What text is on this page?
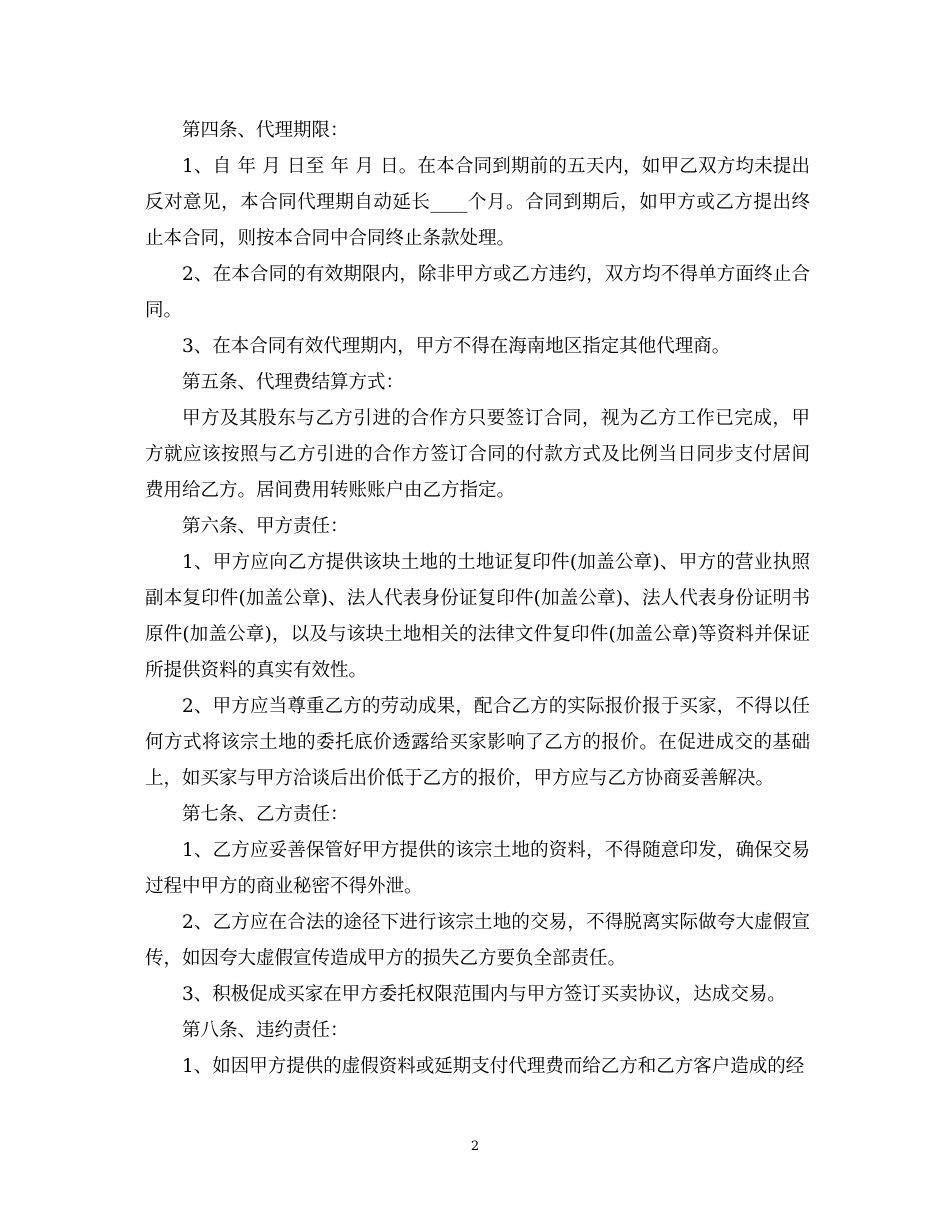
第四条、代理期限：

1、自 年 月 日至 年 月 日。在本合同到期前的五天内，如甲乙双方均未提出反对意见，本合同代理期自动延长____个月。合同到期后，如甲方或乙方提出终止本合同，则按本合同中合同终止条款处理。

2、在本合同的有效期限内，除非甲方或乙方违约，双方均不得单方面终止合同。

3、在本合同有效代理期内，甲方不得在海南地区指定其他代理商。

第五条、代理费结算方式：

甲方及其股东与乙方引进的合作方只要签订合同，视为乙方工作已完成，甲方就应该按照与乙方引进的合作方签订合同的付款方式及比例当日同步支付居间费用给乙方。居间费用转账账户由乙方指定。

第六条、甲方责任：

1、甲方应向乙方提供该块土地的土地证复印件(加盖公章)、甲方的营业执照副本复印件(加盖公章)、法人代表身份证复印件(加盖公章)、法人代表身份证明书原件(加盖公章)，以及与该块土地相关的法律文件复印件(加盖公章)等资料并保证所提供资料的真实有效性。

2、甲方应当尊重乙方的劳动成果，配合乙方的实际报价报于买家，不得以任何方式将该宗土地的委托底价透露给买家影响了乙方的报价。在促进成交的基础上，如买家与甲方洽谈后出价低于乙方的报价，甲方应与乙方协商妥善解决。

第七条、乙方责任：

1、乙方应妥善保管好甲方提供的该宗土地的资料，不得随意印发，确保交易过程中甲方的商业秘密不得外泄。

2、乙方应在合法的途径下进行该宗土地的交易，不得脱离实际做夸大虚假宣传，如因夸大虚假宣传造成甲方的损失乙方要负全部责任。

3、积极促成买家在甲方委托权限范围内与甲方签订买卖协议，达成交易。

第八条、违约责任：

1、如因甲方提供的虚假资料或延期支付代理费而给乙方和乙方客户造成的经

2
